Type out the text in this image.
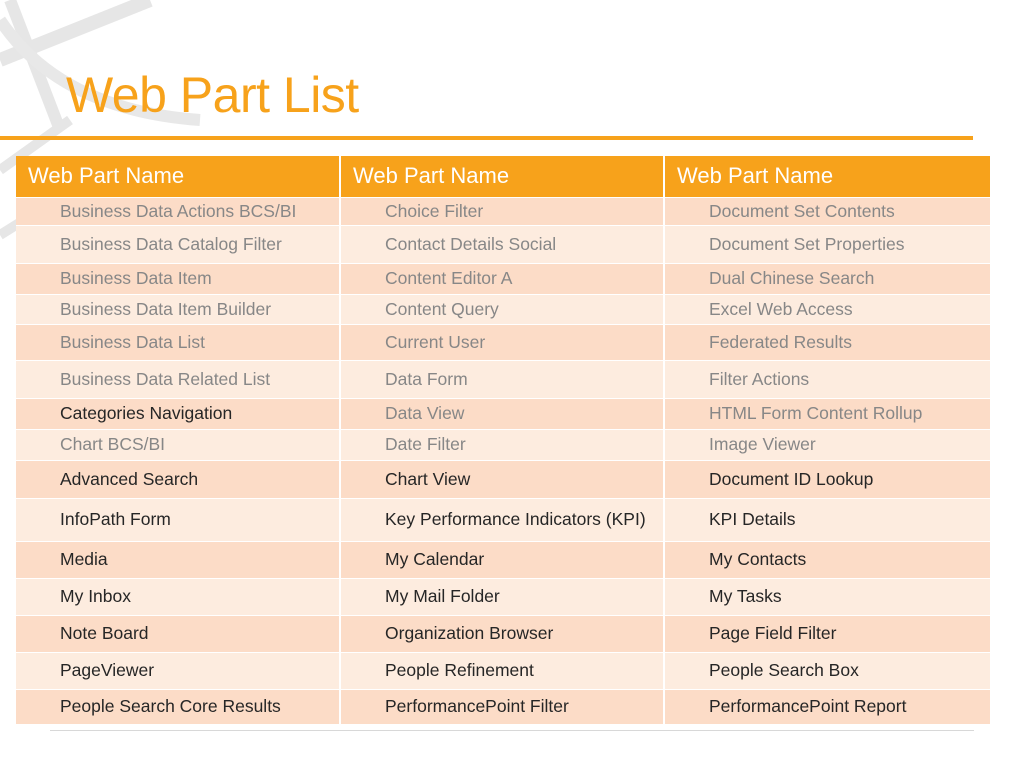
Web Part List
Web Part Name	Web Part Name	Web Part Name
Business Data Actions BCS/BI	Choice Filter	Document Set Contents
Business Data Catalog Filter	Contact Details Social	Document Set Properties
Business Data Item	Content Editor A	Dual Chinese Search
Business Data Item Builder	Content Query	Excel Web Access
Business Data List	Current User	Federated Results
Business Data Related List	Data Form	Filter Actions
Categories Navigation	Data View	HTML Form Content Rollup
Chart BCS/BI	Date Filter	Image Viewer
Advanced Search	Chart View	Document ID Lookup
InfoPath Form	Key Performance Indicators (KPI)	KPI Details
Media	My Calendar	My Contacts
My Inbox	My Mail Folder	My Tasks
Note Board	Organization Browser	Page Field Filter
PageViewer	People Refinement	People Search Box
People Search Core Results	PerformancePoint Filter	PerformancePoint Report
